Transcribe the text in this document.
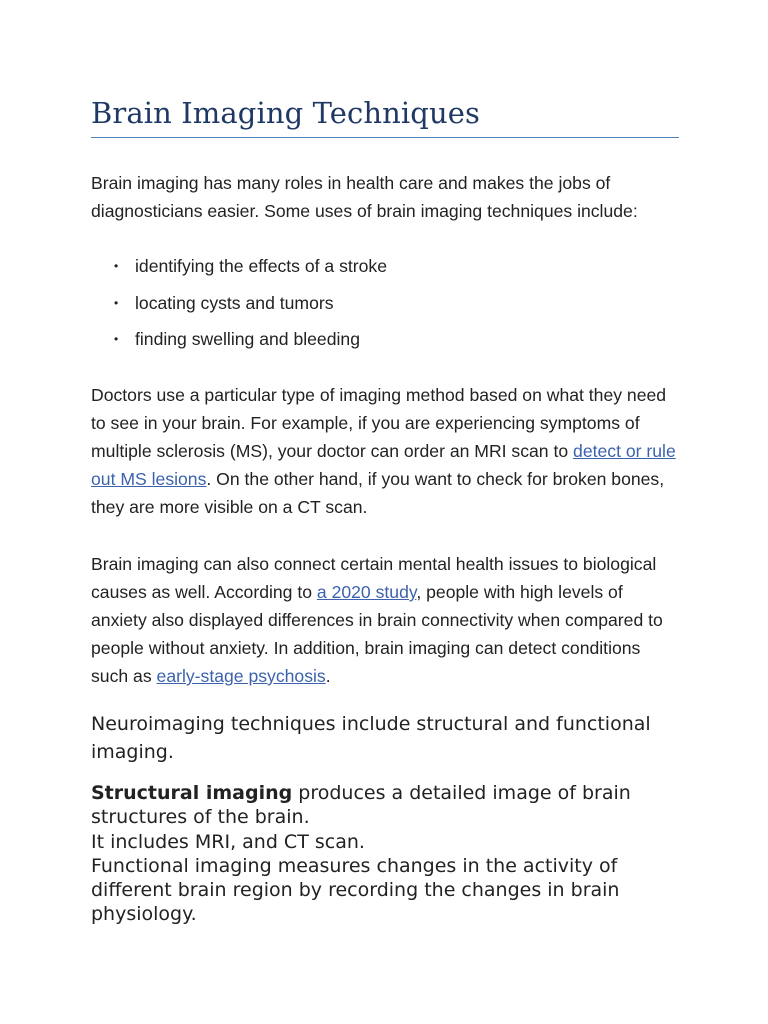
Brain Imaging Techniques

Brain imaging has many roles in health care and makes the jobs of diagnosticians easier. Some uses of brain imaging techniques include:

• identifying the effects of a stroke
• locating cysts and tumors
• finding swelling and bleeding

Doctors use a particular type of imaging method based on what they need to see in your brain. For example, if you are experiencing symptoms of multiple sclerosis (MS), your doctor can order an MRI scan to detect or rule out MS lesions. On the other hand, if you want to check for broken bones, they are more visible on a CT scan.

Brain imaging can also connect certain mental health issues to biological causes as well. According to a 2020 study, people with high levels of anxiety also displayed differences in brain connectivity when compared to people without anxiety. In addition, brain imaging can detect conditions such as early-stage psychosis.

Neuroimaging techniques include structural and functional imaging.

Structural imaging produces a detailed image of brain structures of the brain.
It includes MRI, and CT scan.
Functional imaging measures changes in the activity of different brain region by recording the changes in brain physiology.
